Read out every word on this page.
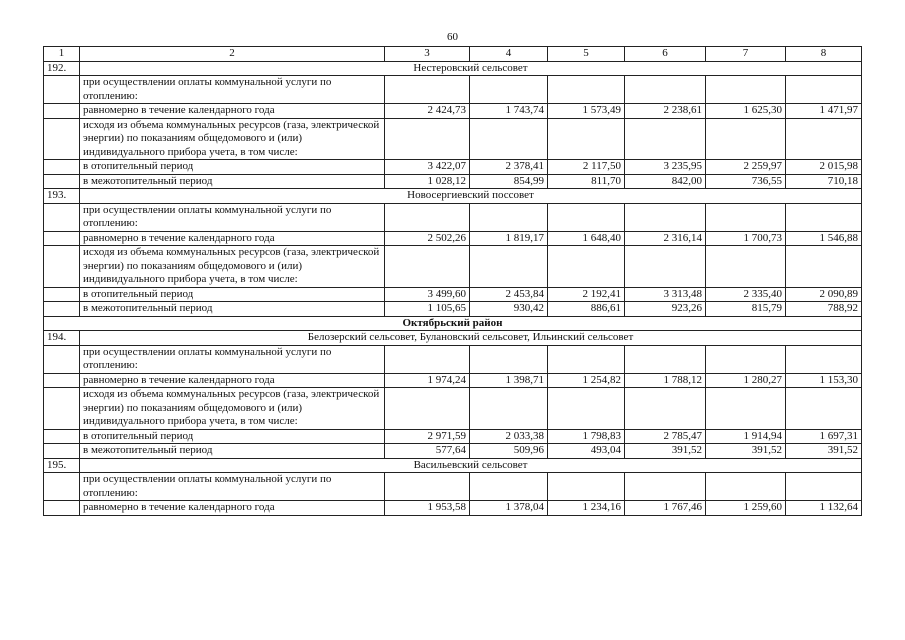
60
1	2	3	4	5	6	7	8
192.	Нестеровский сельсовет						
	при осуществлении оплаты коммунальной услуги по отоплению:						
	равномерно в течение календарного года	2 424,73	1 743,74	1 573,49	2 238,61	1 625,30	1 471,97
	исходя из объема коммунальных ресурсов (газа, электрической энергии) по показаниям общедомового и (или) индивидуального прибора учета, в том числе:						
	в отопительный период	3 422,07	2 378,41	2 117,50	3 235,95	2 259,97	2 015,98
	в межотопительный период	1 028,12	854,99	811,70	842,00	736,55	710,18
193.	Новосергиевский поссовет						
	при осуществлении оплаты коммунальной услуги по отоплению:						
	равномерно в течение календарного года	2 502,26	1 819,17	1 648,40	2 316,14	1 700,73	1 546,88
	исходя из объема коммунальных ресурсов (газа, электрической энергии) по показаниям общедомового и (или) индивидуального прибора учета, в том числе:						
	в отопительный период	3 499,60	2 453,84	2 192,41	3 313,48	2 335,40	2 090,89
	в межотопительный период	1 105,65	930,42	886,61	923,26	815,79	788,92
Октябрьский район							
194.	Белозерский сельсовет, Булановский сельсовет, Ильинский сельсовет						
	при осуществлении оплаты коммунальной услуги по отоплению:						
	равномерно в течение календарного года	1 974,24	1 398,71	1 254,82	1 788,12	1 280,27	1 153,30
	исходя из объема коммунальных ресурсов (газа, электрической энергии) по показаниям общедомового и (или) индивидуального прибора учета, в том числе:						
	в отопительный период	2 971,59	2 033,38	1 798,83	2 785,47	1 914,94	1 697,31
	в межотопительный период	577,64	509,96	493,04	391,52	391,52	391,52
195.	Васильевский сельсовет						
	при осуществлении оплаты коммунальной услуги по отоплению:						
	равномерно в течение календарного года	1 953,58	1 378,04	1 234,16	1 767,46	1 259,60	1 132,64
